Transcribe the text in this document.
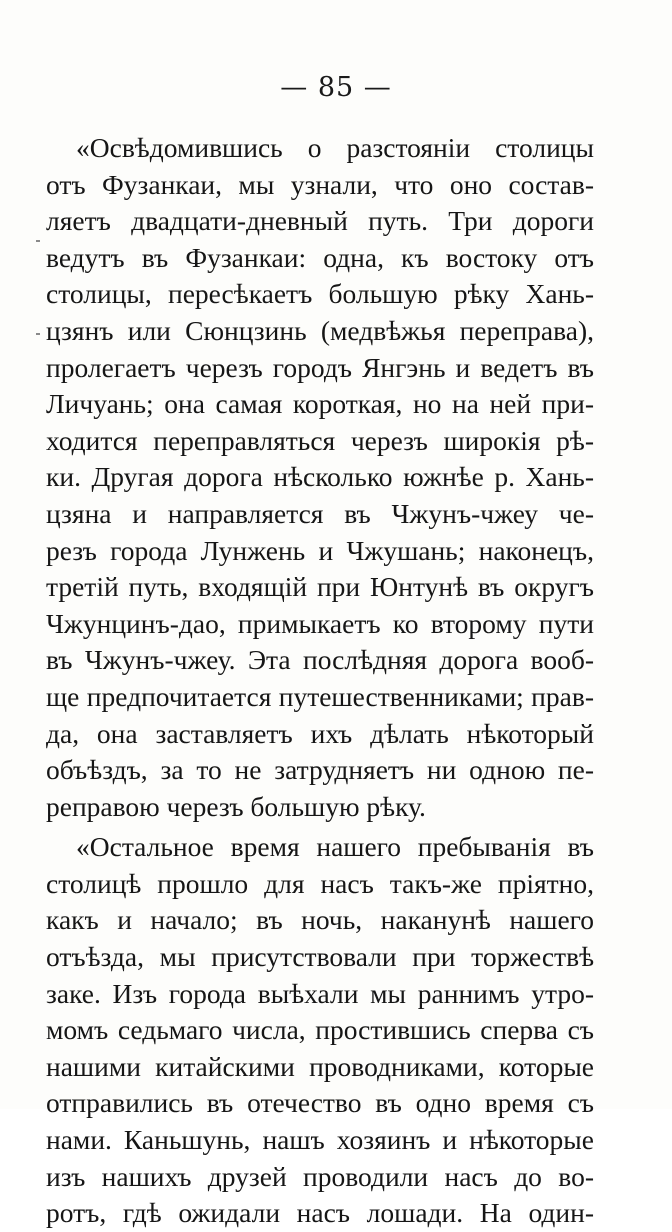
— 85 —
«Освѣдомившись о разстояніи столицы
отъ Фузанкаи, мы узнали, что оно состав-
ляетъ двадцати-дневный путь. Три дороги
ведутъ въ Фузанкаи: одна, къ востоку отъ
столицы, пересѣкаетъ большую рѣку Хань-
цзянъ или Сюнцзинь (медвѣжья переправа),
пролегаетъ черезъ городъ Янгэнь и ведетъ въ
Личуань; она самая короткая, но на ней при-
ходится переправляться черезъ широкія рѣ-
ки. Другая дорога нѣсколько южнѣе р. Хань-
цзяна и направляется въ Чжунъ-чжеу че-
резъ города Лунжень и Чжушань; наконецъ,
третій путь, входящій при Юнтунѣ въ округъ
Чжунцинъ-дао, примыкаетъ ко второму пути
въ Чжунъ-чжеу. Эта послѣдняя дорога вооб-
ще предпочитается путешественниками; прав-
да, она заставляетъ ихъ дѣлать нѣкоторый
объѣздъ, за то не затрудняетъ ни одною пе-
реправою черезъ большую рѣку.
«Остальное время нашего пребыванія въ
столицѣ прошло для насъ такъ-же пріятно,
какъ и начало; въ ночь, наканунѣ нашего
отъѣзда, мы присутствовали при торжествѣ
заке. Изъ города выѣхали мы раннимъ утро-
момъ седьмаго числа, простившись сперва съ
нашими китайскими проводниками, которые
отправились въ отечество въ одно время съ
нами. Каньшунь, нашъ хозяинъ и нѣкоторые
изъ нашихъ друзей проводили насъ до во-
ротъ, гдѣ ожидали насъ лошади. На один-
